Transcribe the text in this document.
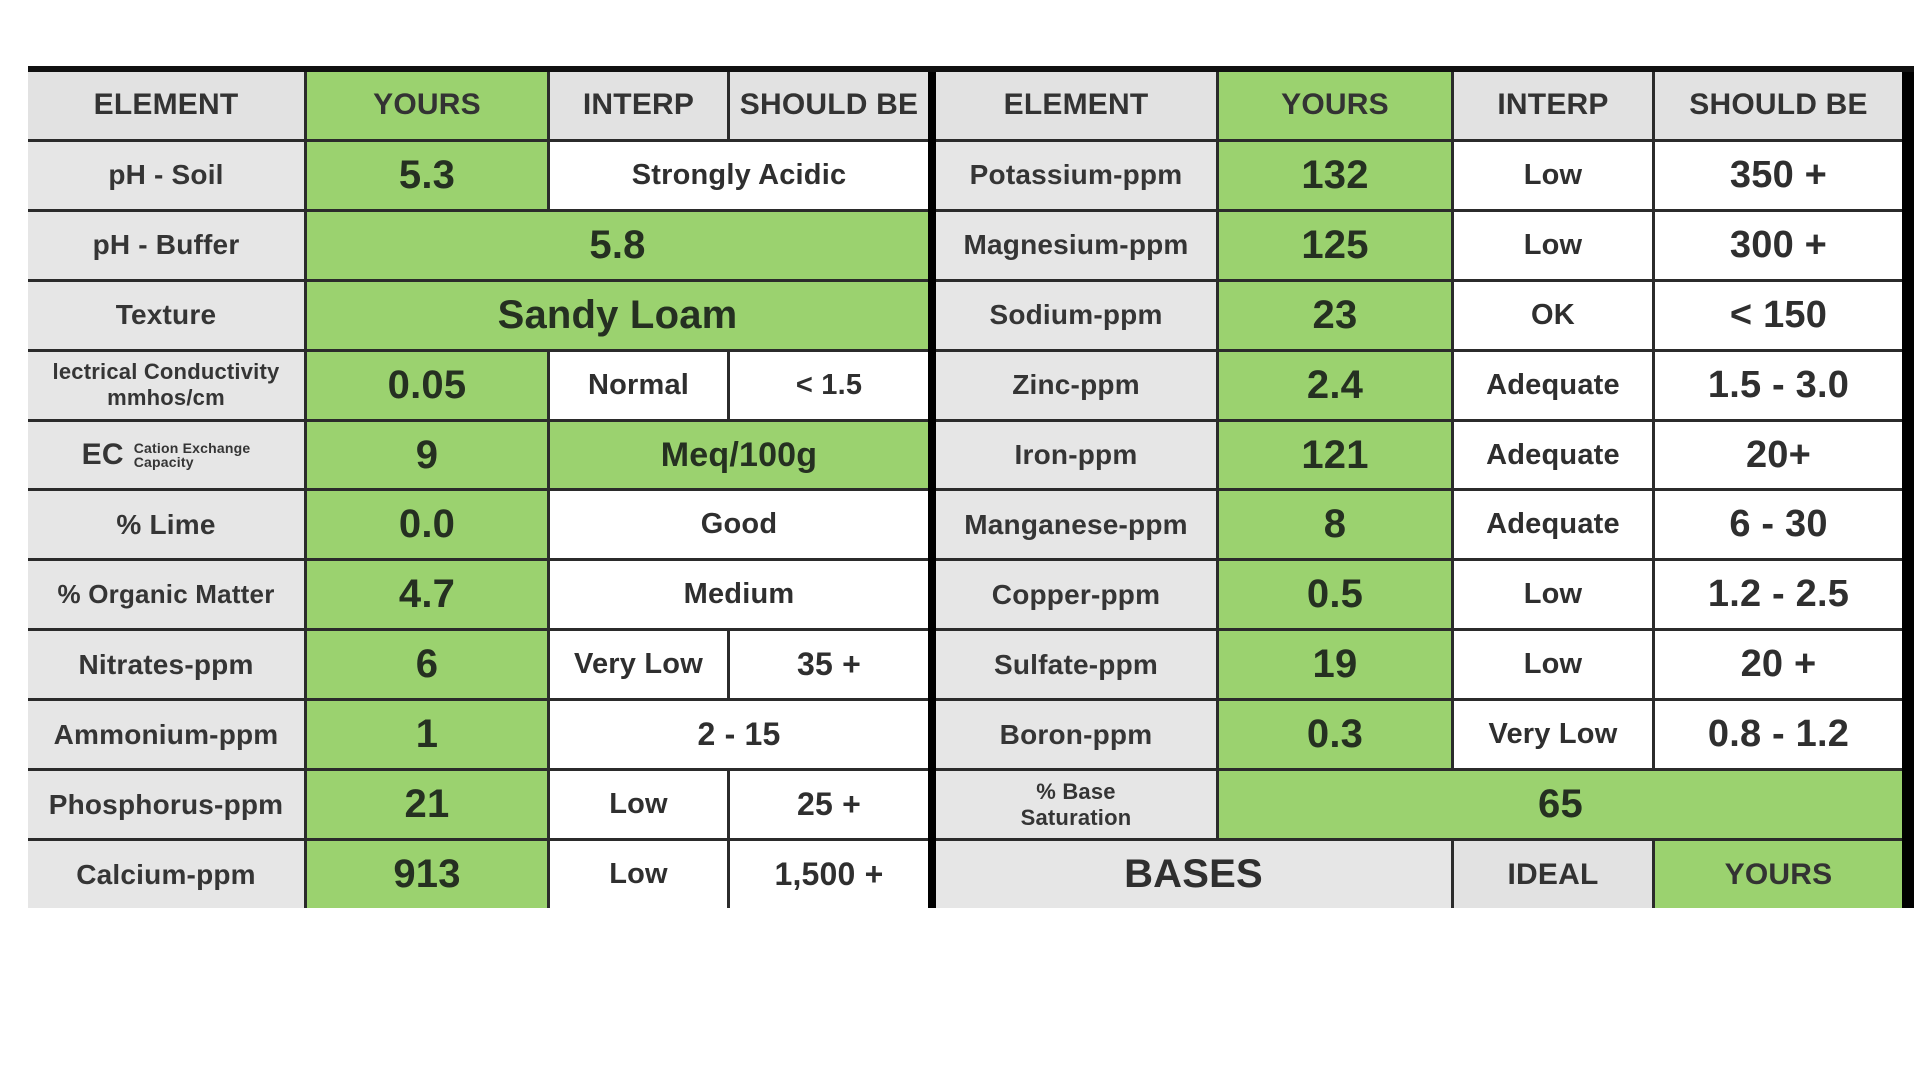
ELEMENT	YOURS	INTERP	SHOULD BE
pH - Soil	5.3	Strongly Acidic
pH - Buffer	5.8
Texture	Sandy Loam
lectrical Conductivity
mmhos/cm	0.05	Normal	< 1.5
EC Cation Exchange
Capacity	9	Meq/100g
% Lime	0.0	Good
% Organic Matter	4.7	Medium
Nitrates-ppm	6	Very Low	35 +
Ammonium-ppm	1	2 - 15
Phosphorus-ppm	21	Low	25 +
Calcium-ppm	913	Low	1,500 +
ELEMENT	YOURS	INTERP	SHOULD BE
Potassium-ppm	132	Low	350 +
Magnesium-ppm	125	Low	300 +
Sodium-ppm	23	OK	< 150
Zinc-ppm	2.4	Adequate	1.5 - 3.0
Iron-ppm	121	Adequate	20+
Manganese-ppm	8	Adequate	6 - 30
Copper-ppm	0.5	Low	1.2 - 2.5
Sulfate-ppm	19	Low	20 +
Boron-ppm	0.3	Very Low	0.8 - 1.2
% Base
Saturation	65
BASES	IDEAL	YOURS
